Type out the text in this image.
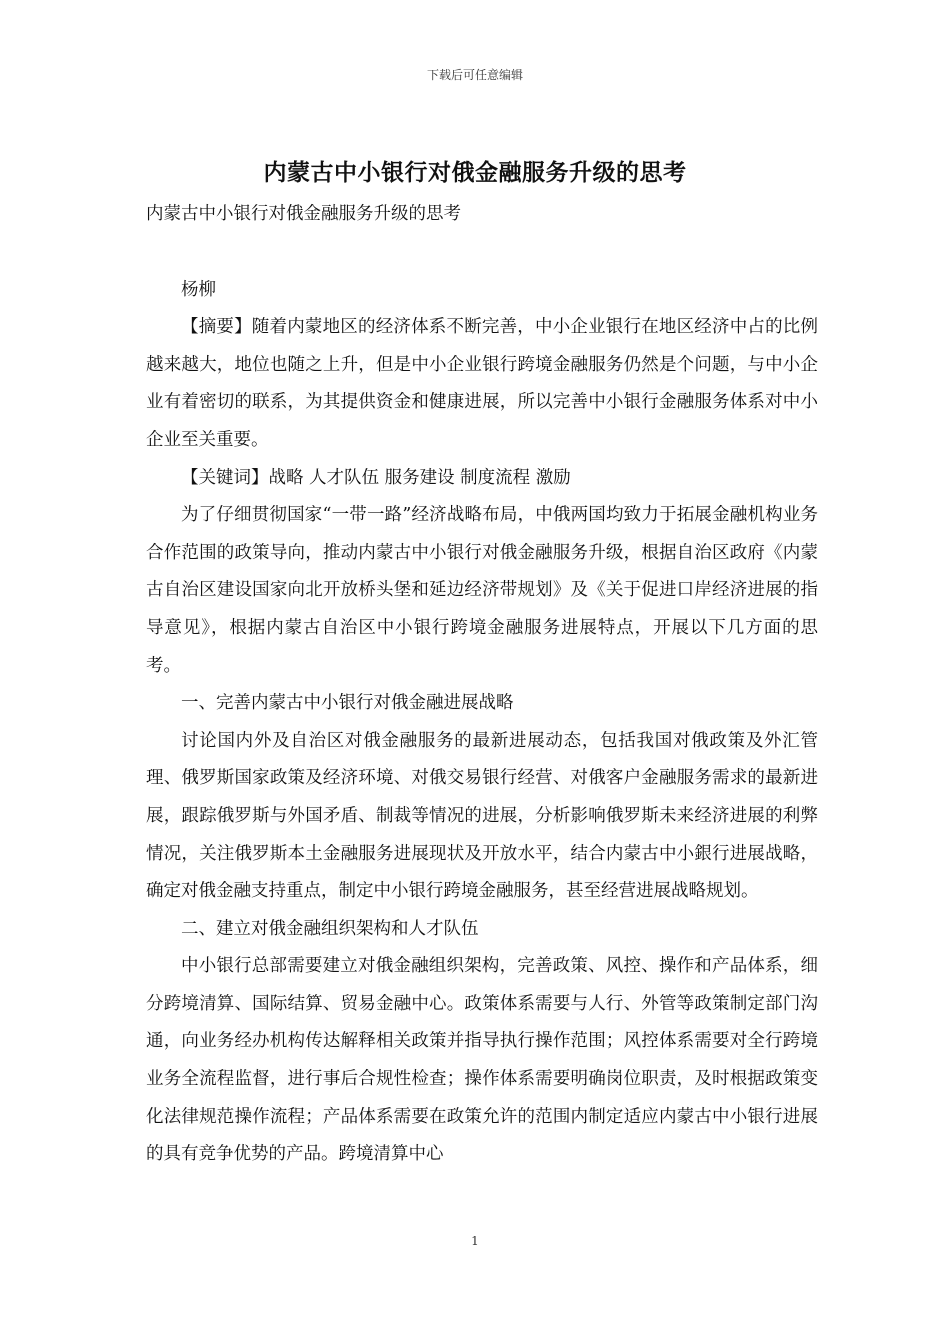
下载后可任意编辑
内蒙古中小银行对俄金融服务升级的思考

内蒙古中小银行对俄金融服务升级的思考

杨柳

【摘要】随着内蒙地区的经济体系不断完善，中小企业银行在地区经济中占的比例越来越大，地位也随之上升，但是中小企业银行跨境金融服务仍然是个问题，与中小企业有着密切的联系，为其提供资金和健康进展，所以完善中小银行金融服务体系对中小企业至关重要。

【关键词】战略 人才队伍 服务建设 制度流程 激励

为了仔细贯彻国家“一带一路”经济战略布局，中俄两国均致力于拓展金融机构业务合作范围的政策导向，推动内蒙古中小银行对俄金融服务升级，根据自治区政府《内蒙古自治区建设国家向北开放桥头堡和延边经济带规划》及《关于促进口岸经济进展的指导意见》，根据内蒙古自治区中小银行跨境金融服务进展特点，开展以下几方面的思考。

一、完善内蒙古中小银行对俄金融进展战略

讨论国内外及自治区对俄金融服务的最新进展动态，包括我国对俄政策及外汇管理、俄罗斯国家政策及经济环境、对俄交易银行经营、对俄客户金融服务需求的最新进展，跟踪俄罗斯与外国矛盾、制裁等情况的进展，分析影响俄罗斯未来经济进展的利弊情况，关注俄罗斯本土金融服务进展现状及开放水平，结合内蒙古中小銀行进展战略，确定对俄金融支持重点，制定中小银行跨境金融服务，甚至经营进展战略规划。

二、建立对俄金融组织架构和人才队伍

中小银行总部需要建立对俄金融组织架构，完善政策、风控、操作和产品体系，细分跨境清算、国际结算、贸易金融中心。政策体系需要与人行、外管等政策制定部门沟通，向业务经办机构传达解释相关政策并指导执行操作范围；风控体系需要对全行跨境业务全流程监督，进行事后合规性检查；操作体系需要明确岗位职责，及时根据政策变化法律规范操作流程；产品体系需要在政策允许的范围内制定适应内蒙古中小银行进展的具有竞争优势的产品。跨境清算中心

1
